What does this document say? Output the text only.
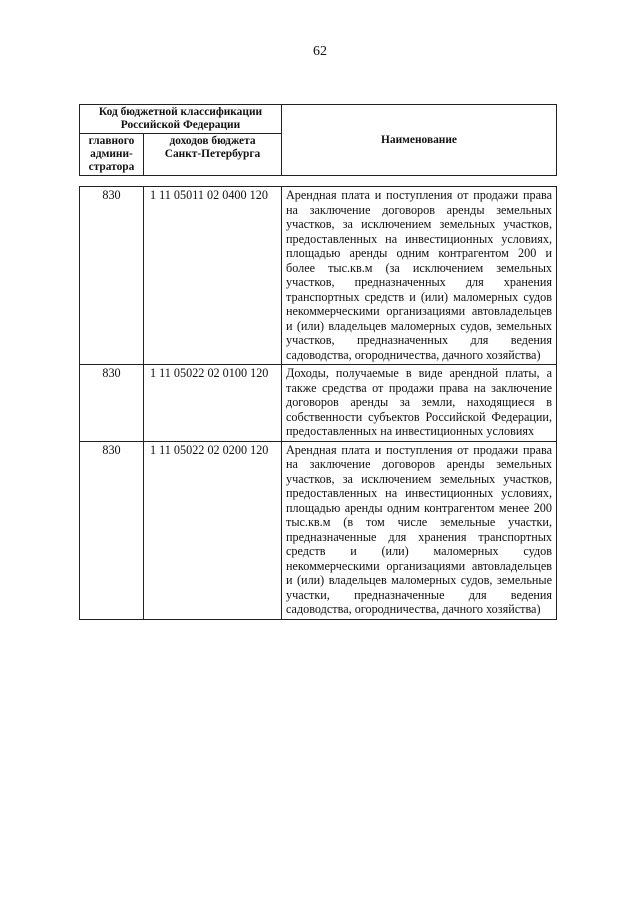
62
Код бюджетной классификации Российской Федерации		Наименование
главного админи-стратора	доходов бюджета Санкт-Петербурга	
830	1 11 05011 02 0400 120	Арендная плата и поступления от продажи права на заключение договоров аренды земельных участков, за исключением земельных участков, предоставленных на инвестиционных условиях, площадью аренды одним контрагентом 200 и более тыс.кв.м (за исключением земельных участков, предназначенных для хранения транспортных средств и (или) маломерных судов некоммерческими организациями автовладельцев и (или) владельцев маломерных судов, земельных участков, предназначенных для ведения садоводства, огородничества, дачного хозяйства)
830	1 11 05022 02 0100 120	Доходы, получаемые в виде арендной платы, а также средства от продажи права на заключение договоров аренды за земли, находящиеся в собственности субъектов Российской Федерации, предоставленных на инвестиционных условиях
830	1 11 05022 02 0200 120	Арендная плата и поступления от продажи права на заключение договоров аренды земельных участков, за исключением земельных участков, предоставленных на инвестиционных условиях, площадью аренды одним контрагентом менее 200 тыс.кв.м (в том числе земельные участки, предназначенные для хранения транспортных средств и (или) маломерных судов некоммерческими организациями автовладельцев и (или) владельцев маломерных судов, земельные участки, предназначенные для ведения садоводства, огородничества, дачного хозяйства)
